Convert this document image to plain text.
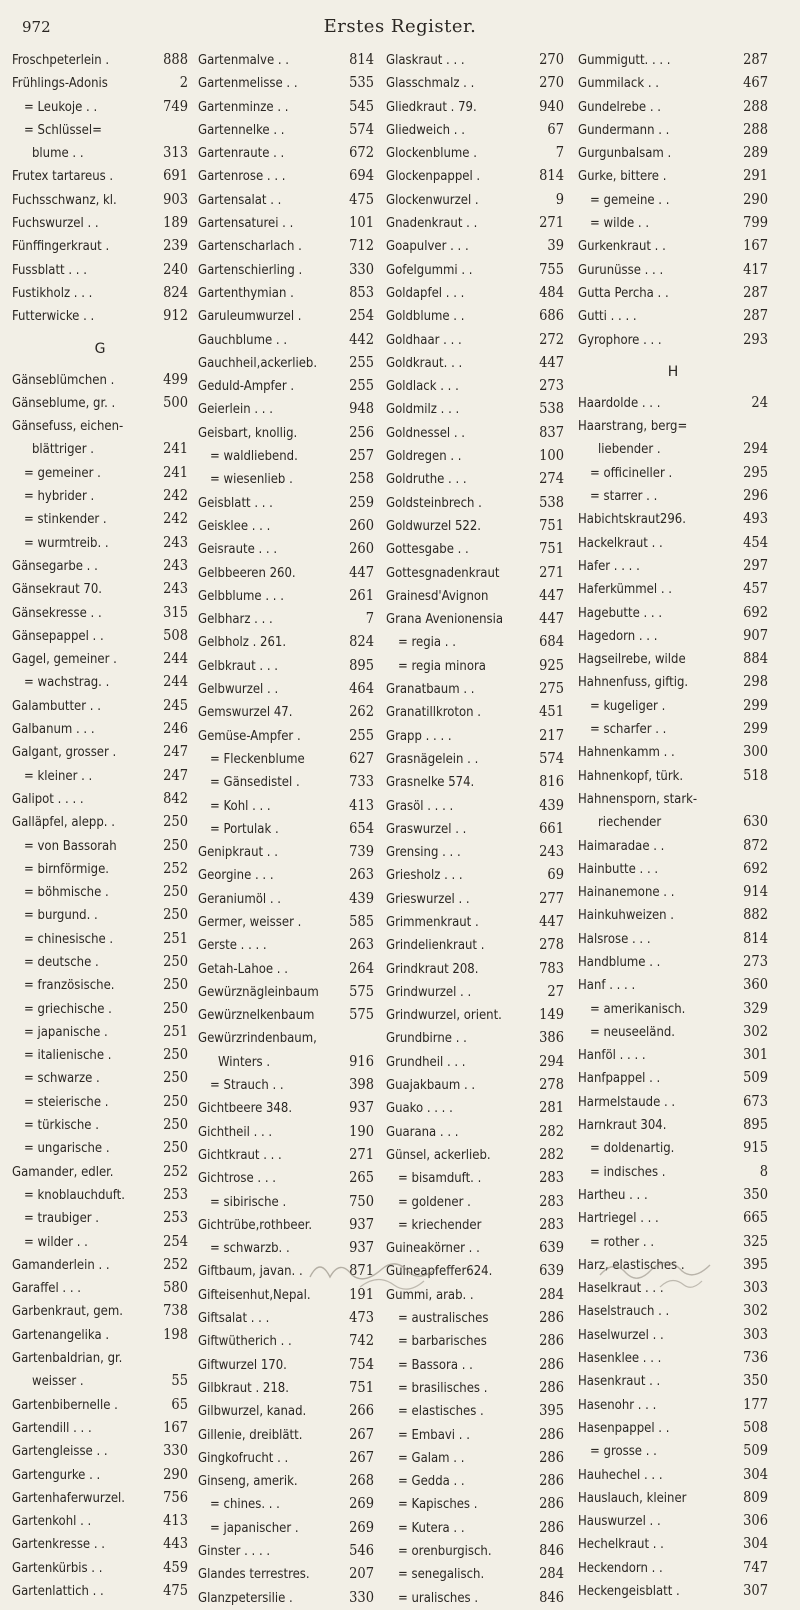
972	Erstes Register.
Froschpeterlein .	888
Frühlings-Adonis	2
= Leukoje . .	749
= Schlüssel=
blume . .	313
Frutex tartareus .	691
Fuchsschwanz, kl.	903
Fuchswurzel . .	189
Fünffingerkraut .	239
Fussblatt . . .	240
Fustikholz . . .	824
Futterwicke . .	912
G
Gänseblümchen .	499
Gänseblume, gr. .	500
Gänsefuss, eichen-
blättriger .	241
= gemeiner .	241
= hybrider .	242
= stinkender .	242
= wurmtreib. .	243
Gänsegarbe . .	243
Gänsekraut 70.	243
Gänsekresse . .	315
Gänsepappel . .	508
Gagel, gemeiner .	244
= wachstrag. .	244
Galambutter . .	245
Galbanum . . .	246
Galgant, grosser .	247
= kleiner . .	247
Galipot . . . .	842
Galläpfel, alepp. .	250
= von Bassorah	250
= birnförmige.	252
= böhmische .	250
= burgund. .	250
= chinesische .	251
= deutsche .	250
= französische.	250
= griechische .	250
= japanische .	251
= italienische .	250
= schwarze .	250
= steierische .	250
= türkische .	250
= ungarische .	250
Gamander, edler.	252
= knoblauchduft.	253
= traubiger .	253
= wilder . .	254
Gamanderlein . .	252
Garaffel . . .	580
Garbenkraut, gem.	738
Gartenangelika .	198
Gartenbaldrian, gr.
weisser .	55
Gartenbibernelle .	65
Gartendill . . .	167
Gartengleisse . .	330
Gartengurke . .	290
Gartenhaferwurzel.	756
Gartenkohl . .	413
Gartenkresse . .	443
Gartenkürbis . .	459
Gartenlattich . .	475
Gartenmalve . .	814
Gartenmelisse . .	535
Gartenminze . .	545
Gartennelke . .	574
Gartenraute . .	672
Gartenrose . . .	694
Gartensalat . .	475
Gartensaturei . .	101
Gartenscharlach .	712
Gartenschierling .	330
Gartenthymian .	853
Garuleumwurzel .	254
Gauchblume . .	442
Gauchheil,ackerlieb.	255
Geduld-Ampfer .	255
Geierlein . . .	948
Geisbart, knollig.	256
= waldliebend.	257
= wiesenlieb .	258
Geisblatt . . .	259
Geisklee . . .	260
Geisraute . . .	260
Gelbbeeren 260.	447
Gelbblume . . .	261
Gelbharz . . .	7
Gelbholz . 261.	824
Gelbkraut . . .	895
Gelbwurzel . .	464
Gemswurzel 47.	262
Gemüse-Ampfer .	255
= Fleckenblume	627
= Gänsedistel .	733
= Kohl . . .	413
= Portulak .	654
Genipkraut . .	739
Georgine . . .	263
Geraniumöl . .	439
Germer, weisser .	585
Gerste . . . .	263
Getah-Lahoe . .	264
Gewürznägleinbaum	575
Gewürznelkenbaum	575
Gewürzrindenbaum,
Winters .	916
= Strauch . .	398
Gichtbeere 348.	937
Gichtheil . . .	190
Gichtkraut . . .	271
Gichtrose . . .	265
= sibirische .	750
Gichtrübe,rothbeer.	937
= schwarzb. .	937
Giftbaum, javan. .	871
Gifteisenhut,Nepal.	191
Giftsalat . . .	473
Giftwütherich . .	742
Giftwurzel 170.	754
Gilbkraut . 218.	751
Gilbwurzel, kanad.	266
Gillenie, dreiblätt.	267
Gingkofrucht . .	267
Ginseng, amerik.	268
= chines. . .	269
= japanischer .	269
Ginster . . . .	546
Glandes terrestres.	207
Glanzpetersilie .	330
Glaskraut . . .	270
Glasschmalz . .	270
Gliedkraut . 79.	940
Gliedweich . .	67
Glockenblume .	7
Glockenpappel .	814
Glockenwurzel .	9
Gnadenkraut . .	271
Goapulver . . .	39
Gofelgummi . .	755
Goldapfel . . .	484
Goldblume . .	686
Goldhaar . . .	272
Goldkraut. . .	447
Goldlack . . .	273
Goldmilz . . .	538
Goldnessel . .	837
Goldregen . .	100
Goldruthe . . .	274
Goldsteinbrech .	538
Goldwurzel 522.	751
Gottesgabe . .	751
Gottesgnadenkraut	271
Grainesd'Avignon	447
Grana Avenionensia	447
= regia . .	684
= regia minora	925
Granatbaum . .	275
Granatillkroton .	451
Grapp . . . .	217
Grasnägelein . .	574
Grasnelke 574.	816
Grasöl . . . .	439
Graswurzel . .	661
Grensing . . .	243
Griesholz . . .	69
Grieswurzel . .	277
Grimmenkraut .	447
Grindelienkraut .	278
Grindkraut 208.	783
Grindwurzel . .	27
Grindwurzel, orient.	149
Grundbirne . .	386
Grundheil . . .	294
Guajakbaum . .	278
Guako . . . .	281
Guarana . . .	282
Günsel, ackerlieb.	282
= bisamduft. .	283
= goldener .	283
= kriechender	283
Guineakörner . .	639
Guineapfeffer624.	639
Gummi, arab. .	284
= australisches	286
= barbarisches	286
= Bassora . .	286
= brasilisches .	286
= elastisches .	395
= Embavi . .	286
= Galam . .	286
= Gedda . .	286
= Kapisches .	286
= Kutera . .	286
= orenburgisch.	846
= senegalisch.	284
= uralisches .	846
Gummigutt. . . .	287
Gummilack . .	467
Gundelrebe . .	288
Gundermann . .	288
Gurgunbalsam .	289
Gurke, bittere .	291
= gemeine . .	290
= wilde . .	799
Gurkenkraut . .	167
Gurunüsse . . .	417
Gutta Percha . .	287
Gutti . . . .	287
Gyrophore . . .	293
H
Haardolde . . .	24
Haarstrang, berg=
liebender .	294
= officineller .	295
= starrer . .	296
Habichtskraut296.	493
Hackelkraut . .	454
Hafer . . . .	297
Haferkümmel . .	457
Hagebutte . . .	692
Hagedorn . . .	907
Hagseilrebe, wilde	884
Hahnenfuss, giftig.	298
= kugeliger .	299
= scharfer . .	299
Hahnenkamm . .	300
Hahnenkopf, türk.	518
Hahnensporn, stark-
riechender	630
Haimaradae . .	872
Hainbutte . . .	692
Hainanemone . .	914
Hainkuhweizen .	882
Halsrose . . .	814
Handblume . .	273
Hanf . . . .	360
= amerikanisch.	329
= neuseeländ.	302
Hanföl . . . .	301
Hanfpappel . .	509
Harmelstaude . .	673
Harnkraut 304.	895
= doldenartig.	915
= indisches .	8
Hartheu . . .	350
Hartriegel . . .	665
= rother . .	325
Harz, elastisches .	395
Haselkraut . . .	303
Haselstrauch . .	302
Haselwurzel . .	303
Hasenklee . . .	736
Hasenkraut . .	350
Hasenohr . . .	177
Hasenpappel . .	508
= grosse . .	509
Hauhechel . . .	304
Hauslauch, kleiner	809
Hauswurzel . .	306
Hechelkraut . .	304
Heckendorn . .	747
Heckengeisblatt .	307
